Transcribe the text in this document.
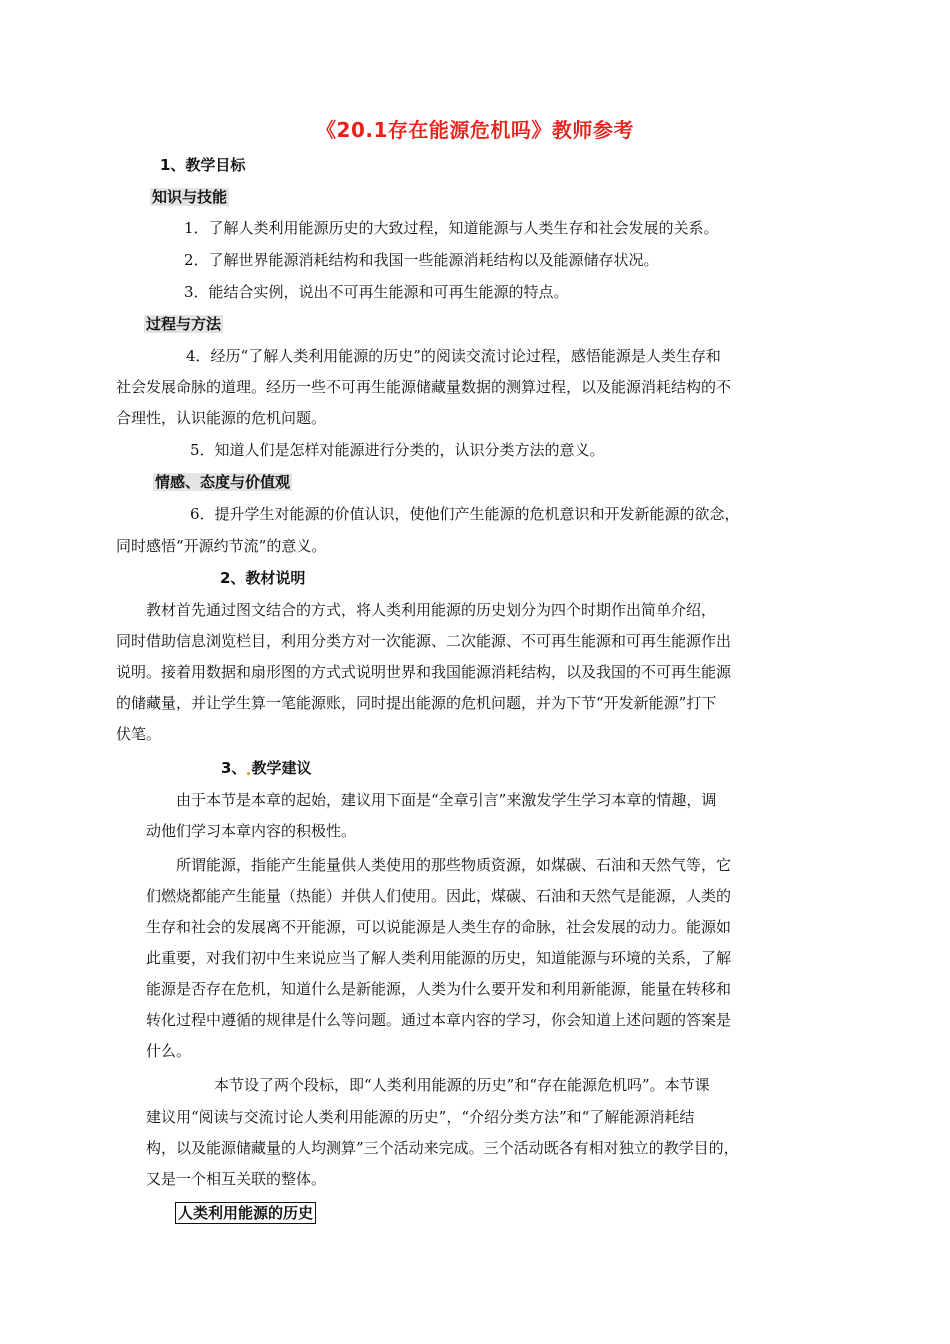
《20.1存在能源危机吗》教师参考
1、教学目标
知识与技能
1．了解人类利用能源历史的大致过程，知道能源与人类生存和社会发展的关系。
2．了解世界能源消耗结构和我国一些能源消耗结构以及能源储存状况。
3．能结合实例，说出不可再生能源和可再生能源的特点。
过程与方法
4．经历“了解人类利用能源的历史”的阅读交流讨论过程，感悟能源是人类生存和
社会发展命脉的道理。经历一些不可再生能源储藏量数据的测算过程，以及能源消耗结构的不
合理性，认识能源的危机问题。
5．知道人们是怎样对能源进行分类的，认识分类方法的意义。
情感、态度与价值观
6．提升学生对能源的价值认识，使他们产生能源的危机意识和开发新能源的欲念，
同时感悟“开源约节流”的意义。
2、教材说明
教材首先通过图文结合的方式，将人类利用能源的历史划分为四个时期作出简单介绍，
同时借助信息浏览栏目，利用分类方对一次能源、二次能源、不可再生能源和可再生能源作出
说明。接着用数据和扇形图的方式式说明世界和我国能源消耗结构，以及我国的不可再生能源
的储藏量，并让学生算一笔能源账，同时提出能源的危机问题，并为下节“开发新能源”打下
伏笔。
3、 教学建议
由于本节是本章的起始，建议用下面是“全章引言”来激发学生学习本章的情趣，调
动他们学习本章内容的积极性。
所谓能源，指能产生能量供人类使用的那些物质资源，如煤碳、石油和天然气等，它
们燃烧都能产生能量（热能）并供人们使用。因此，煤碳、石油和天然气是能源，人类的
生存和社会的发展离不开能源，可以说能源是人类生存的命脉，社会发展的动力。能源如
此重要，对我们初中生来说应当了解人类利用能源的历史，知道能源与环境的关系，了解
能源是否存在危机，知道什么是新能源，人类为什么要开发和利用新能源，能量在转移和
转化过程中遵循的规律是什么等问题。通过本章内容的学习，你会知道上述问题的答案是
什么。
本节设了两个段标，即“人类利用能源的历史”和“存在能源危机吗”。本节课
建议用“阅读与交流讨论人类利用能源的历史”，“介绍分类方法”和“了解能源消耗结
构，以及能源储藏量的人均测算”三个活动来完成。三个活动既各有相对独立的教学目的，
又是一个相互关联的整体。
人类利用能源的历史
